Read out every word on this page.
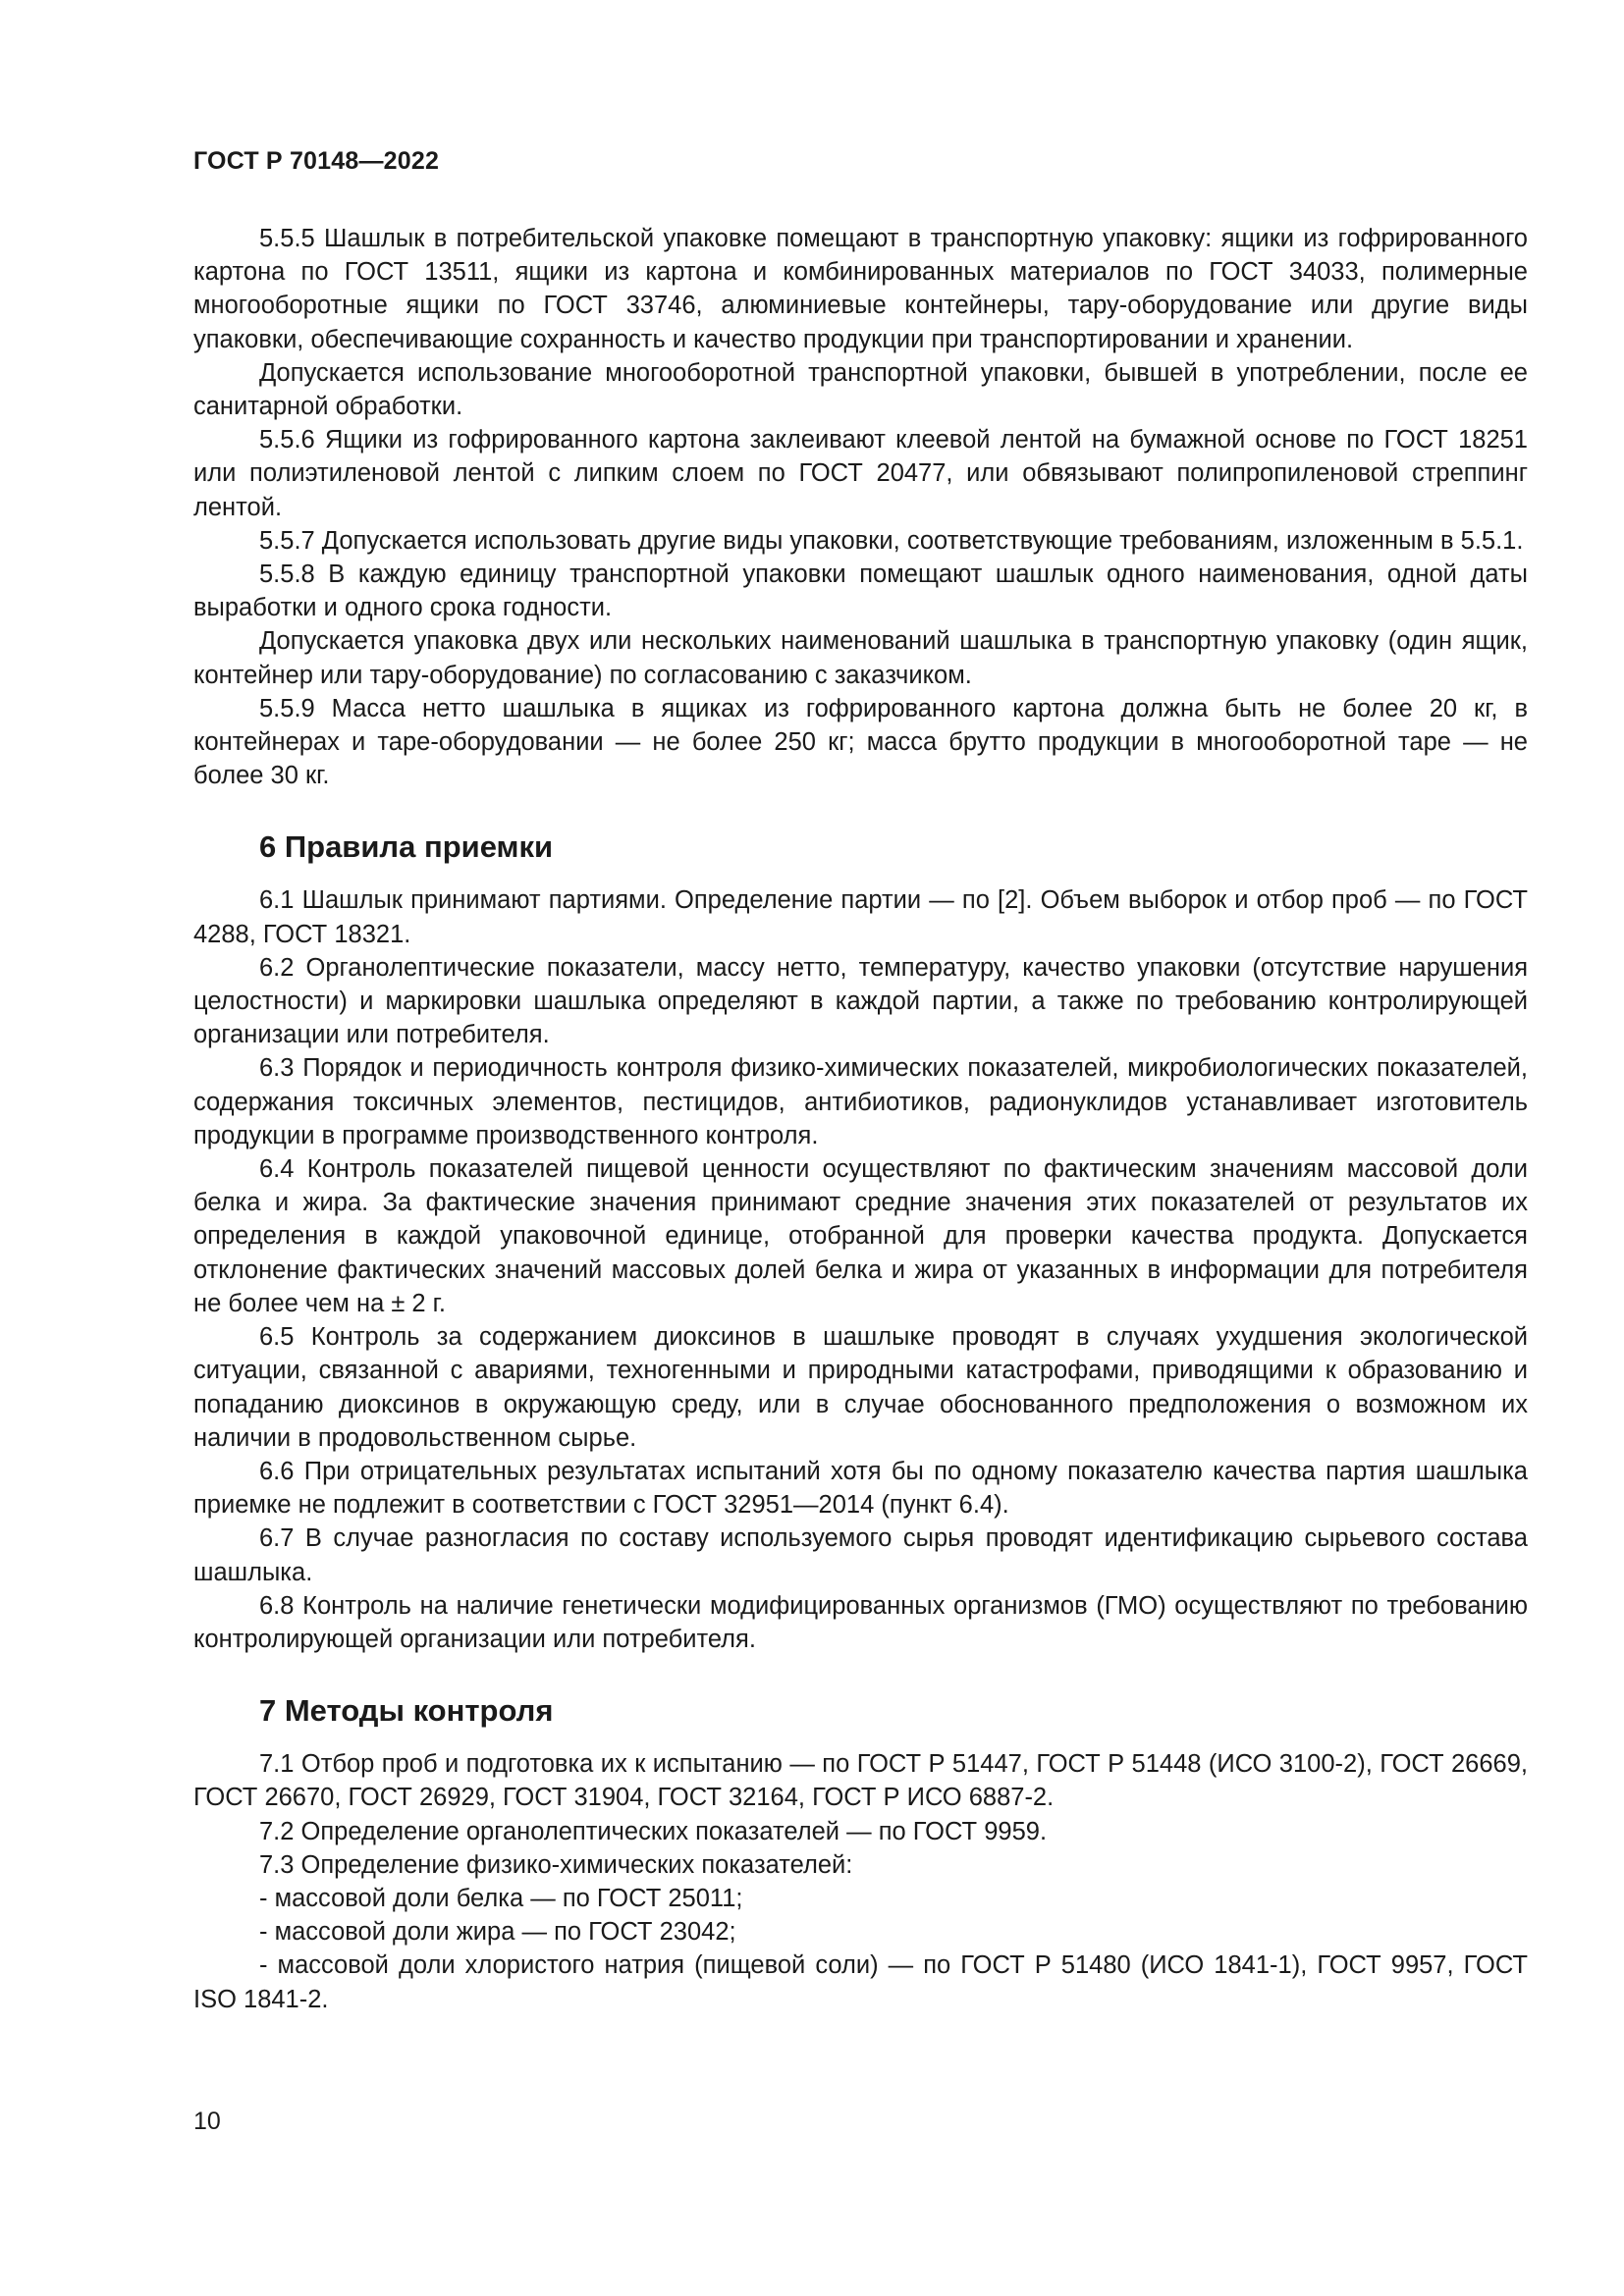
ГОСТ Р 70148—2022

5.5.5 Шашлык в потребительской упаковке помещают в транспортную упаковку: ящики из гофрированного картона по ГОСТ 13511, ящики из картона и комбинированных материалов по ГОСТ 34033, полимерные многооборотные ящики по ГОСТ 33746, алюминиевые контейнеры, тару-оборудование или другие виды упаковки, обеспечивающие сохранность и качество продукции при транспортировании и хранении.

Допускается использование многооборотной транспортной упаковки, бывшей в употреблении, после ее санитарной обработки.

5.5.6 Ящики из гофрированного картона заклеивают клеевой лентой на бумажной основе по ГОСТ 18251 или полиэтиленовой лентой с липким слоем по ГОСТ 20477, или обвязывают полипропиленовой стреппинг лентой.

5.5.7 Допускается использовать другие виды упаковки, соответствующие требованиям, изложенным в 5.5.1.

5.5.8 В каждую единицу транспортной упаковки помещают шашлык одного наименования, одной даты выработки и одного срока годности.

Допускается упаковка двух или нескольких наименований шашлыка в транспортную упаковку (один ящик, контейнер или тару-оборудование) по согласованию с заказчиком.

5.5.9 Масса нетто шашлыка в ящиках из гофрированного картона должна быть не более 20 кг, в контейнерах и таре-оборудовании — не более 250 кг; масса брутто продукции в многооборотной таре — не более 30 кг.

6 Правила приемки

6.1 Шашлык принимают партиями. Определение партии — по [2]. Объем выборок и отбор проб — по ГОСТ 4288, ГОСТ 18321.

6.2 Органолептические показатели, массу нетто, температуру, качество упаковки (отсутствие нарушения целостности) и маркировки шашлыка определяют в каждой партии, а также по требованию контролирующей организации или потребителя.

6.3 Порядок и периодичность контроля физико-химических показателей, микробиологических показателей, содержания токсичных элементов, пестицидов, антибиотиков, радионуклидов устанавливает изготовитель продукции в программе производственного контроля.

6.4 Контроль показателей пищевой ценности осуществляют по фактическим значениям массовой доли белка и жира. За фактические значения принимают средние значения этих показателей от результатов их определения в каждой упаковочной единице, отобранной для проверки качества продукта. Допускается отклонение фактических значений массовых долей белка и жира от указанных в информации для потребителя не более чем на ± 2 г.

6.5 Контроль за содержанием диоксинов в шашлыке проводят в случаях ухудшения экологической ситуации, связанной с авариями, техногенными и природными катастрофами, приводящими к образованию и попаданию диоксинов в окружающую среду, или в случае обоснованного предположения о возможном их наличии в продовольственном сырье.

6.6 При отрицательных результатах испытаний хотя бы по одному показателю качества партия шашлыка приемке не подлежит в соответствии с ГОСТ 32951—2014 (пункт 6.4).

6.7 В случае разногласия по составу используемого сырья проводят идентификацию сырьевого состава шашлыка.

6.8 Контроль на наличие генетически модифицированных организмов (ГМО) осуществляют по требованию контролирующей организации или потребителя.

7 Методы контроля

7.1 Отбор проб и подготовка их к испытанию — по ГОСТ Р 51447, ГОСТ Р 51448 (ИСО 3100-2), ГОСТ 26669, ГОСТ 26670, ГОСТ 26929, ГОСТ 31904, ГОСТ 32164, ГОСТ Р ИСО 6887-2.

7.2 Определение органолептических показателей — по ГОСТ 9959.

7.3 Определение физико-химических показателей:

- массовой доли белка — по ГОСТ 25011;

- массовой доли жира — по ГОСТ 23042;

- массовой доли хлористого натрия (пищевой соли) — по ГОСТ Р 51480 (ИСО 1841-1), ГОСТ 9957, ГОСТ ISO 1841-2.

10
